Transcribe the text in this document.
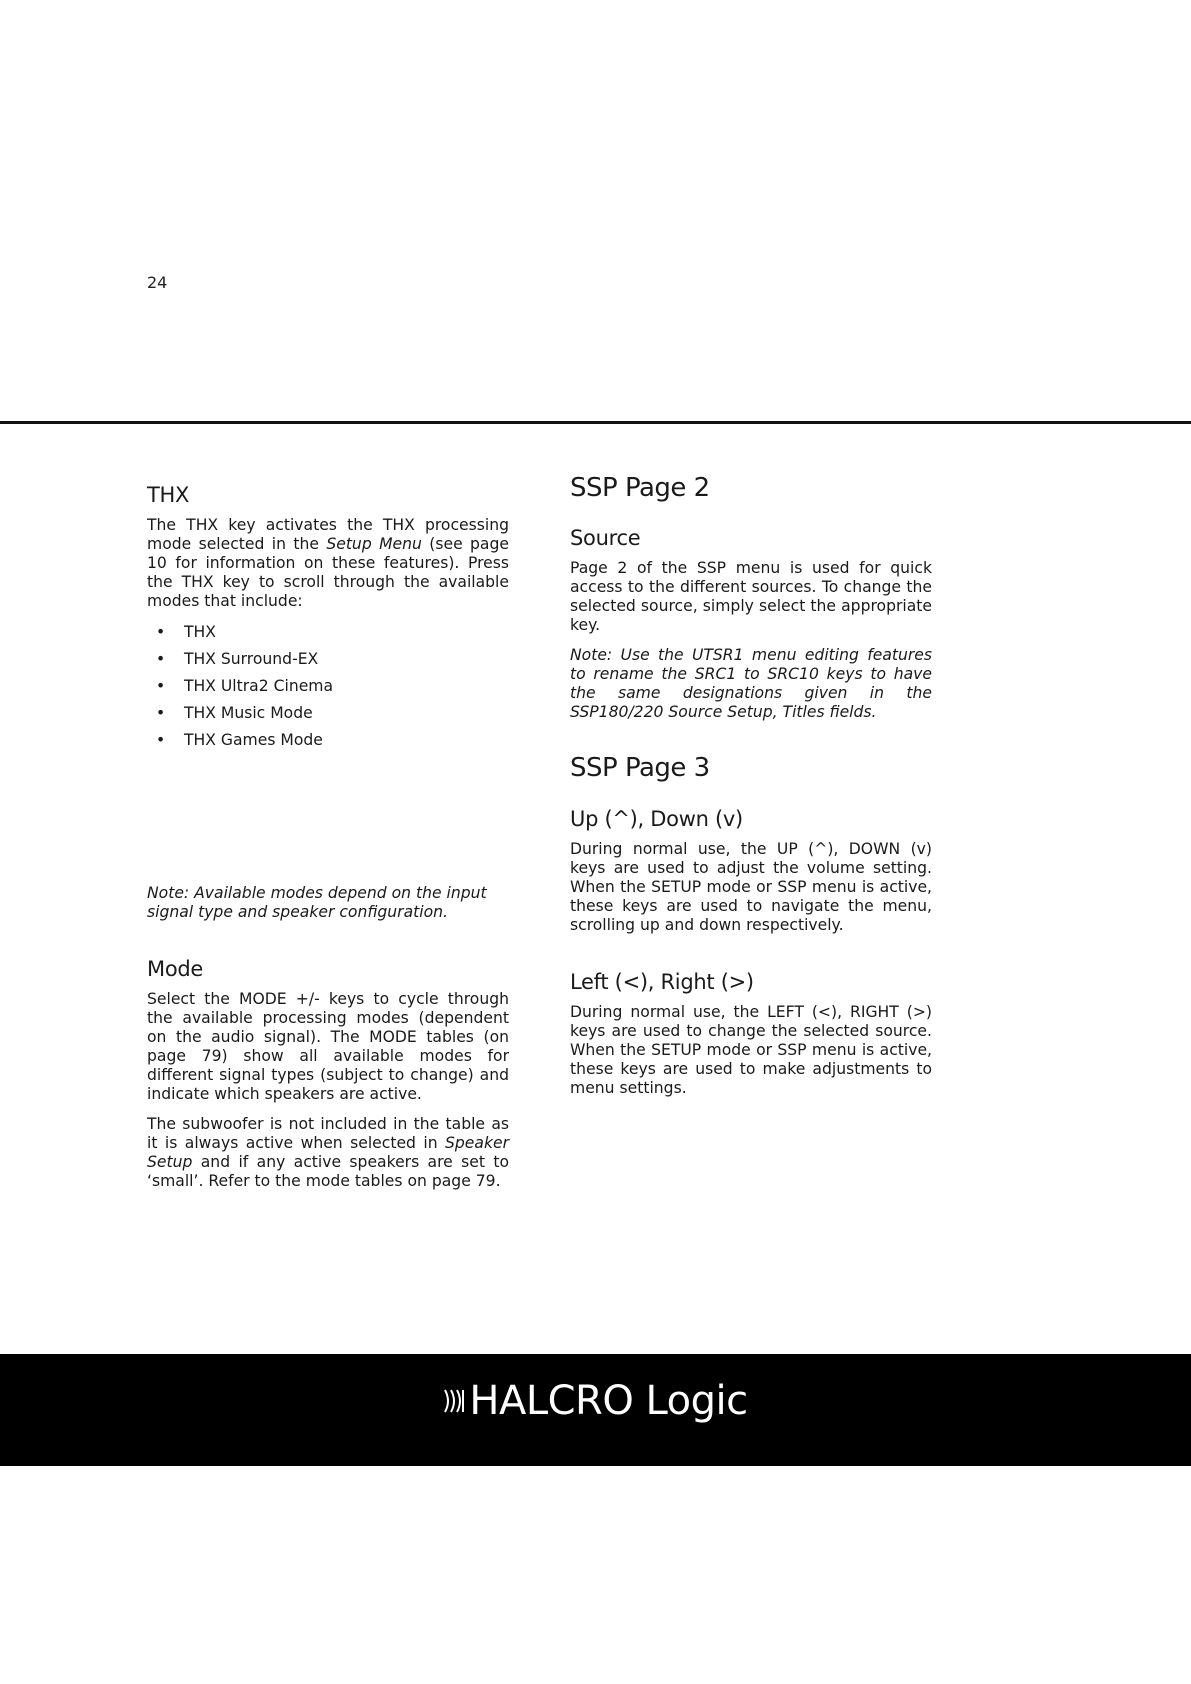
24
THX

The THX key activates the THX processing mode selected in the Setup Menu (see page 10 for information on these features). Press the THX key to scroll through the available modes that include:

• THX
• THX Surround-EX
• THX Ultra2 Cinema
• THX Music Mode
• THX Games Mode

Note: Available modes depend on the input signal type and speaker configuration.

Mode

Select the MODE +/- keys to cycle through the available processing modes (dependent on the audio signal). The MODE tables (on page 79) show all available modes for different signal types (subject to change) and indicate which speakers are active.

The subwoofer is not included in the table as it is always active when selected in Speaker Setup and if any active speakers are set to ‘small’. Refer to the mode tables on page 79.

SSP Page 2
Source

Page 2 of the SSP menu is used for quick access to the different sources. To change the selected source, simply select the appropriate key.

Note: Use the UTSR1 menu editing features to rename the SRC1 to SRC10 keys to have the same designations given in the SSP180/220 Source Setup, Titles fields.

SSP Page 3
Up (^), Down (v)

During normal use, the UP (^), DOWN (v) keys are used to adjust the volume setting. When the SETUP mode or SSP menu is active, these keys are used to navigate the menu, scrolling up and down respectively.

Left (<), Right (>)

During normal use, the LEFT (<), RIGHT (>) keys are used to change the selected source. When the SETUP mode or SSP menu is active, these keys are used to make adjustments to menu settings.

HALCRO Logic
